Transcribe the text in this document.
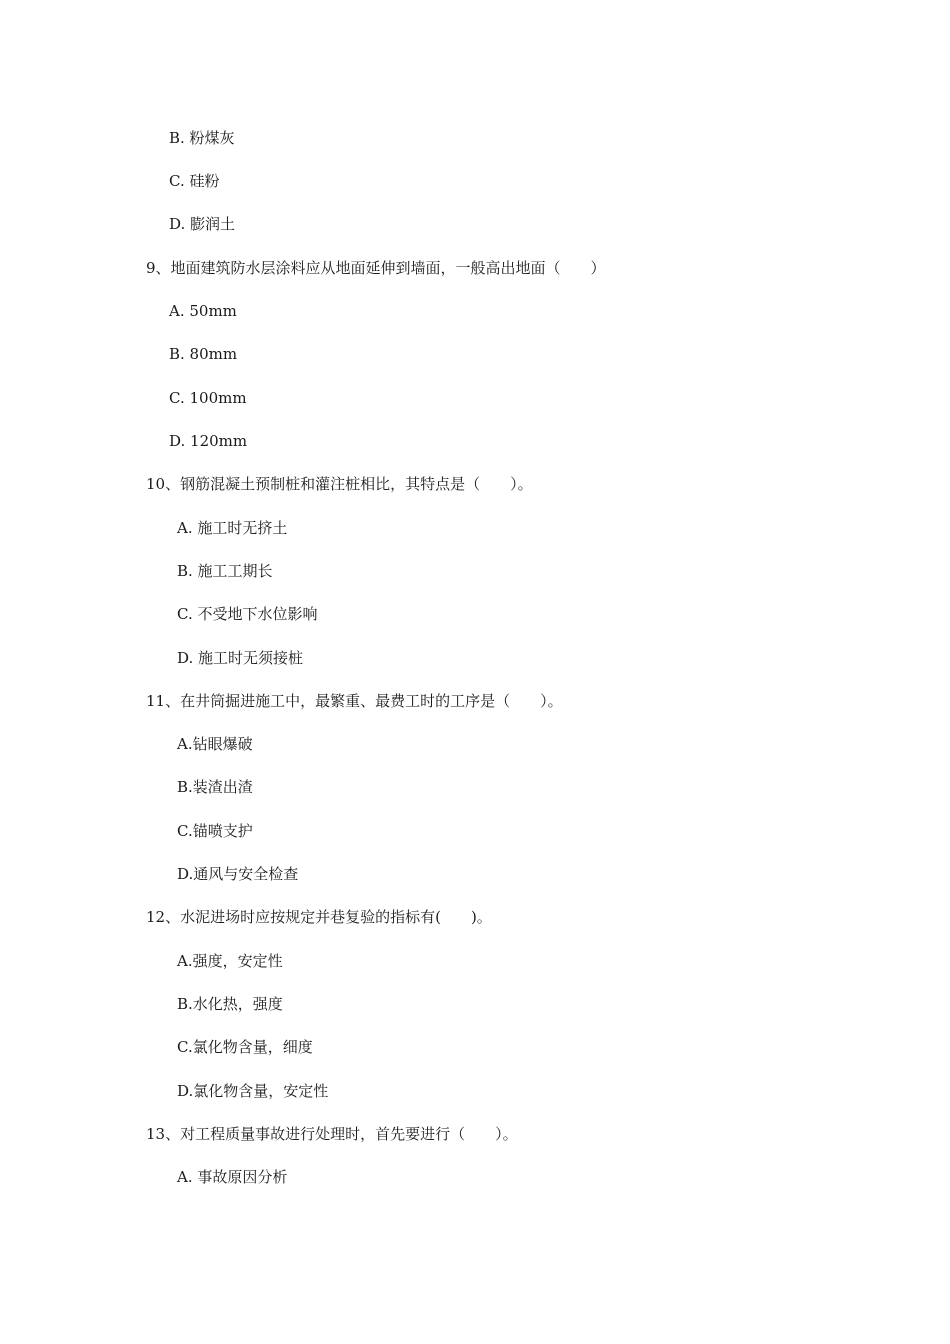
B. 粉煤灰
C. 硅粉
D. 膨润土
9、地面建筑防水层涂料应从地面延伸到墙面，一般高出地面（　　）
A. 50mm
B. 80mm
C. 100mm
D. 120mm
10、钢筋混凝土预制桩和灌注桩相比，其特点是（　　）。
A. 施工时无挤土
B. 施工工期长
C. 不受地下水位影响
D. 施工时无须接桩
11、在井筒掘进施工中，最繁重、最费工时的工序是（　　）。
A.钻眼爆破
B.装渣出渣
C.锚喷支护
D.通风与安全检查
12、水泥进场时应按规定并巷复验的指标有(　　)。
A.强度，安定性
B.水化热，强度
C.氯化物含量，细度
D.氯化物含量，安定性
13、对工程质量事故进行处理时，首先要进行（　　）。
A. 事故原因分析
